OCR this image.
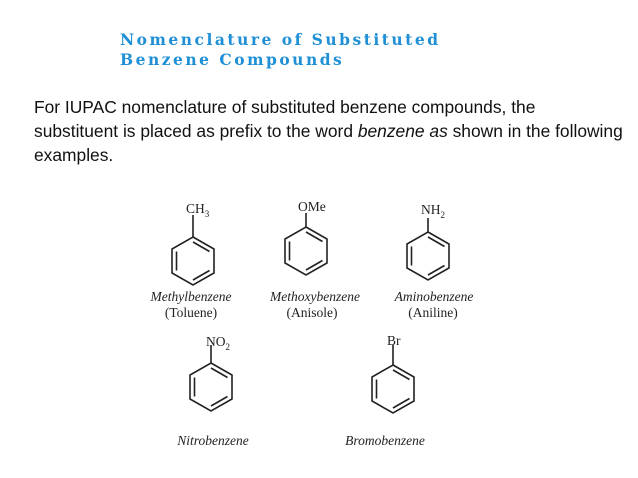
Nomenclature of Substituted
Benzene Compounds
For IUPAC nomenclature of substituted benzene compounds, the substituent is placed as prefix to the word benzene as shown in the following examples.
$CH_3$	OMe	$NH_2$
$NO_2$	Br
Methylbenzene
(Toluene)
Methoxybenzene
(Anisole)
Aminobenzene
(Aniline)
Nitrobenzene	Bromobenzene
